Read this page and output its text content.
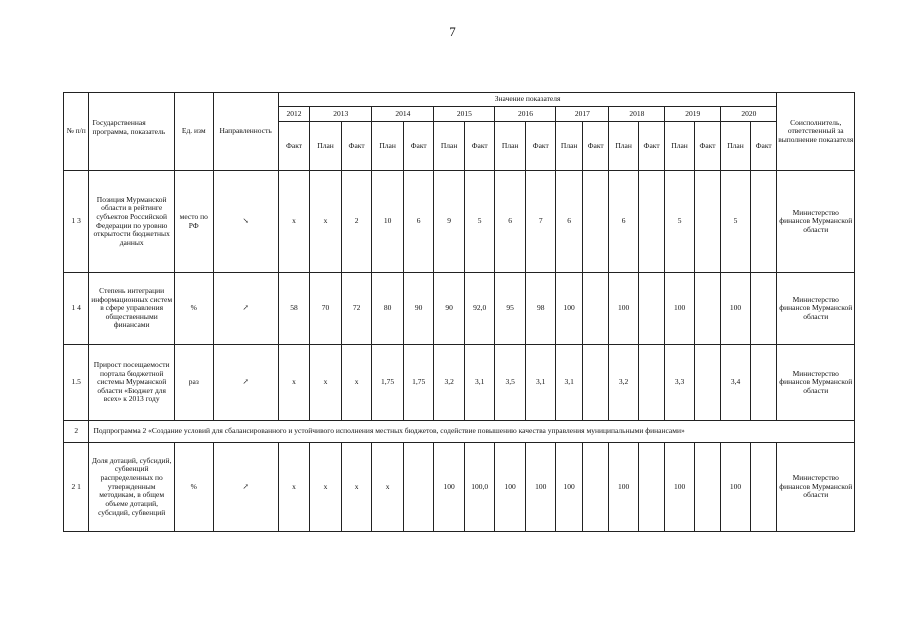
7
№ п/п	Государственная программа, показатель	Ед. изм	Направленность	Значение показателя																	Соисполнитель, ответственный за выполнение показателя
				2012	2013		2014		2015		2016		2017		2018		2019		2020		
				Факт	План	Факт	План	Факт	План	Факт	План	Факт	План	Факт	План	Факт	План	Факт	План	Факт	
1 3	Позиция Мурманской области в рейтинге субъектов Российской Федерации по уровню открытости бюджетных данных	место по РФ	↘	x	x	2	10	6	9	5	6	7	6		6		5		5		Министерство финансов Мурманской области
1 4	Степень интеграции информационных систем в сфере управления общественными финансами	%	↗	58	70	72	80	90	90	92,0	95	98	100		100		100		100		Министерство финансов Мурманской области
1.5	Прирост посещаемости портала бюджетной системы Мурманской области «Бюджет для всех» к 2013 году	раз	↗	x	x	x	1,75	1,75	3,2	3,1	3,5	3,1	3,1		3,2		3,3		3,4		Министерство финансов Мурманской области
2	Подпрограмма 2 «Создание условий для сбалансированного и устойчивого исполнения местных бюджетов, содействие повышению качества управления муниципальными финансами»																				
2 1	Доля дотаций, субсидий, субвенций распределенных по утвержденным методикам, в общем объеме дотаций, субсидий, субвенций	%	↗	x	x	x	x		100	100,0	100	100	100		100		100		100		Министерство финансов Мурманской области
